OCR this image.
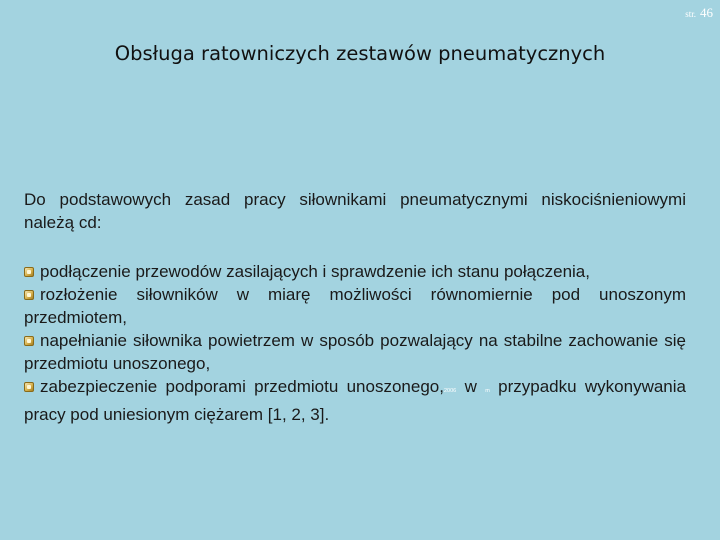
str. 46
Obsługa ratowniczych zestawów pneumatycznych
Do podstawowych zasad pracy siłownikami pneumatycznymi niskociśnieniowymi należą cd:
podłączenie przewodów zasilających i sprawdzenie ich stanu połączenia,
rozłożenie siłowników w miarę możliwości równomiernie pod unoszonym przedmiotem,
napełnianie siłownika powietrzem w sposób pozwalający na stabilne zachowanie się przedmiotu unoszonego,
zabezpieczenie podporami przedmiotu unoszonego,2006 w m przypadku wykonywania pracy pod uniesionym ciężarem [1, 2, 3].
